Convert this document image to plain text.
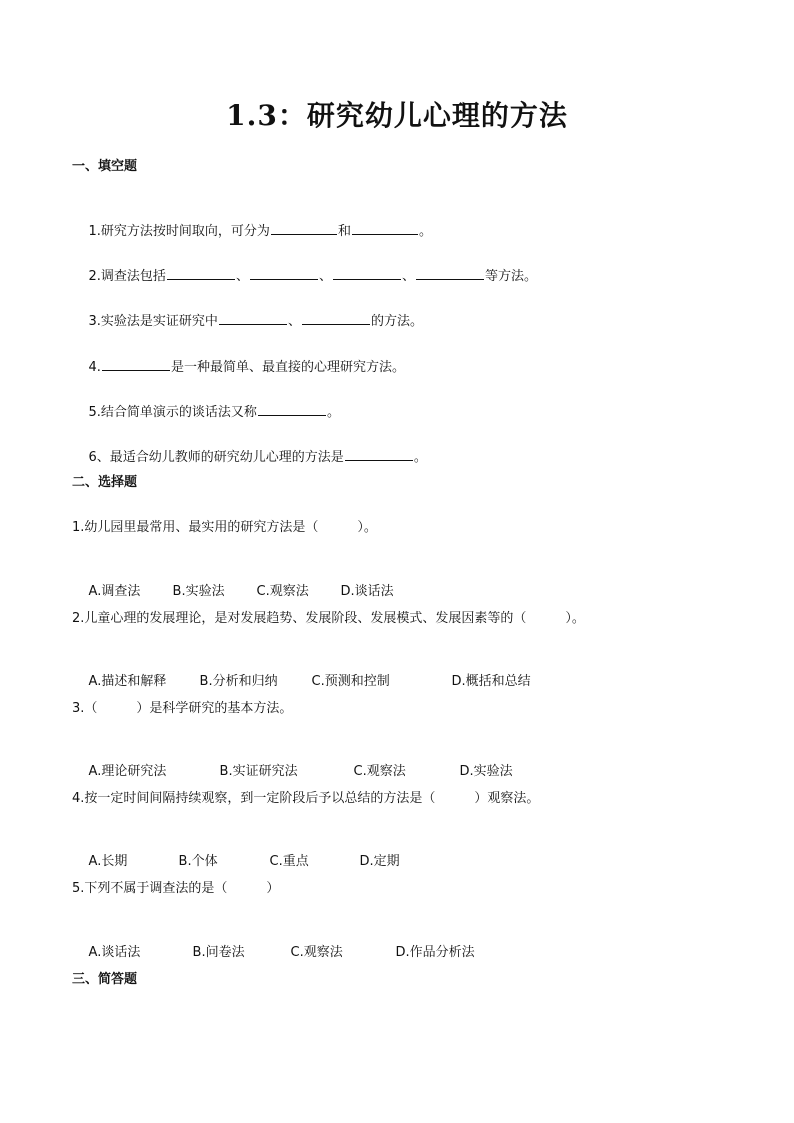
1.3：研究幼儿心理的方法
一、填空题

1.研究方法按时间取向，可分为	和	。

2.调查法包括	、	、	、	等方法。

3.实验法是实证研究中	、	的方法。

4.	是一种最简单、最直接的心理研究方法。

5.结合简单演示的谈话法又称	。

6、最适合幼儿教师的研究幼儿心理的方法是	。

二、选择题
1.幼儿园里最常用、最实用的研究方法是（　　　）。

A.调查法 B.实验法 C.观察法 D.谈话法

2.儿童心理的发展理论，是对发展趋势、发展阶段、发展模式、发展因素等的（　　　）。

A.描述和解释	B.分析和归纳	C.预测和控制	D.概括和总结

3.（　　　）是科学研究的基本方法。

A.理论研究法	B.实证研究法	C.观察法	D.实验法

4.按一定时间间隔持续观察，到一定阶段后予以总结的方法是（　　　）观察法。

A.长期	B.个体	C.重点	D.定期

5.下列不属于调查法的是（　　　）

A.谈话法	B.问卷法	C.观察法	D.作品分析法

三、简答题
